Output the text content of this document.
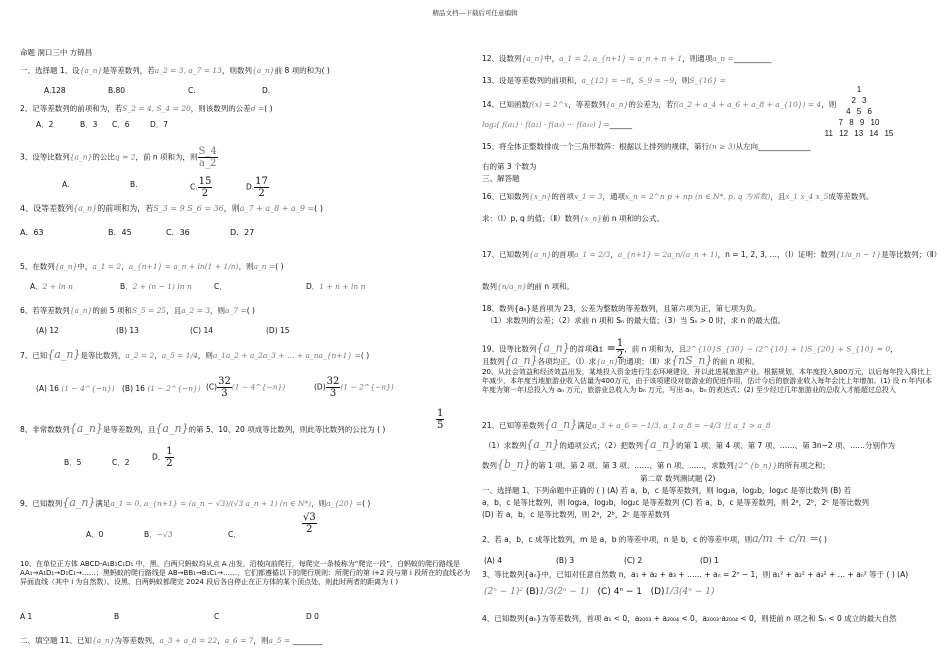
精品文档---下载后可任意编辑
命题 洞口三中 方锦昌
一、选择题 1、设{a_n}是等差数列，若a_2 = 3, a_7 = 13，则数列{a_n}前 8 项的和为( )
A.128	B.80	C.	D.
2、记等差数列的前项和为，若S_2 = 4, S_4 = 20，则该数列的公差d =( )
A．2	B．3 C．6	D．7
3、设等比数列{a_n}的公比q = 2，前 n 项和为，则 $\frac{S\_4}{a\_2}$
A.	B.	C. $\frac{15}{2}$	D. $\frac{17}{2}$
4、设等差数列{a_n}的前项和为，若S_3 = 9 S_6 = 36，则a_7 + a_8 + a_9 =( )
A．63	B．45	C．36	D．27
5、在数列{a_n}中，a_1 = 2，a_{n+1} = a_n + ln(1 + 1/n)，则a_n =( )
A．2 + ln n	B．2 + (n − 1) ln n	C．	D．1 + n + ln n
6、若等差数列{a_n}的前 5 项和S_5 = 25，且a_2 = 3，则a_7 =( )
(A) 12	(B) 13	(C) 14	(D) 15
7、已知{a_n}是等比数列，a_2 = 2，a_5 = 1/4，则a_1a_2 + a_2a_3 + … + a_na_{n+1} =( )
(A) 16 (1 − 4^{−n}) (B) 16 (1 − 2^{−n}) $(C) \frac{32}{3} (1$ − 4^{−n})	$(D) \frac{32}{3} (1$ − 2^{−n})
8、非常数数列{a_n}是等差数列，且{a_n}的第 5、10、20 项成等比数列，则此等比数列的公比为 ( )	$\frac{1}{5}$
B．5	C．2
D． $\frac{1}{2}$
9、已知数列{a_n}满足a_1 = 0, a_{n+1} = (a_n − √3)/(√3 a_n + 1) (n ∈ N*)，则a_{20} =( )
A．0	B．−√3	C．	$\frac{√3}{2}$
10、在单位正方体 ABCD-A₁B₁C₁D₁ 中，黑、白两只蚂蚁均从点 A 出发，沿棱向前爬行，每爬完一条棱称为“爬完一段”，白蚂蚁的爬行路线是 AA₁→A₁D₁→D₁C₁→……；黑蚂蚁的爬行路线是 AB→BB₁→B₁C₁→……，它们都遵循以下的爬行规则：所爬行的第 i+2 段与第 i 段所在的直线必为异面直线（其中 i 为自然数）。设黑、白两蚂蚁都爬完 2024 段后各自停止在正方体的某个顶点处，则此时两者的距离为 ( )
A 1	B	C	D 0
二、填空题 11、已知{a_n}为等差数列，a_3 + a_8 = 22，a_6 = 7，则a_5 = ________
12、设数列{a_n}中，a_1 = 2, a_{n+1} = a_n + n + 1，则通项a_n =__________
13、设是等差数列的前项和，a_{12} = −8，S_9 = −9，则S_{16} =
14、已知函数f(x) = 2^x，等差数列{a_n}的公差为，若f(a_2 + a_4 + a_6 + a_8 + a_{10}) = 4，则
log₂[ f(a₁) · f(a₂) · f(a₃) ··· f(a₁₀) ] =______
1
2 3
4 5 6
7 8 9 10
11 12 13 14 15
15、将全体正整数排成一个三角形数阵：根据以上排列的规律，第行(n ≥ 3)从左向______________
右的第 3 个数为
三、解答题
16、已知数列{x_n}的首项x_1 = 3，通项x_n = 2^n p + np (n ∈ N*, p, q 为常数)，且x_1 x_4 x_5成等差数列。
求：（Ⅰ）p, q 的值；（Ⅱ）数列{x_n}前 n 项和的公式。
17、已知数列{a_n}的首项a_1 = 2/3，a_{n+1} = 2a_n/(a_n + 1)，n = 1, 2, 3, …，（Ⅰ）证明：数列{1/a_n − 1}是等比数列；（Ⅱ）
数列{n/a_n}的前 n 项和。
18、数列{aₙ}是首项为 23，公差为整数的等差数列，且第六项为正，第七项为负。
（1）求数列的公差；（2）求前 n 项和 Sₙ 的最大值；（3）当 Sₙ > 0 时，求 n 的最大值。
19、设等比数列{a_n}的首项$a_1 = \frac{1}{2}$ ，前 n 项和为，且2^{10}S_{30} − (2^{10} + 1)S_{20} + S_{10} = 0，
且数列{a_n}各项均正。（Ⅰ）求{a_n}的通项；（Ⅱ）求{nS_n}的前 n 项和。
20、从社会效益和经济效益出发，某地投入资金进行生态环境建设，并以此进展旅游产业。根据规划，本年度投入800万元，以后每年投入将比上年减少，本年度当地旅游业收入估量为400万元，由于该项建设对旅游业的促进作用，估计今后的旅游业收入每年会比上年增加。(1) 设 n 年内(本年度为第一年)总投入为 aₙ 万元，旅游业总收入为 bₙ 万元，写出 aₙ，bₙ 的表达式；(2) 至少经过几年旅游业的总收入才能超过总投入
21、已知等差数列{a_n}满足a_3 + a_6 = −1/3, a_1 a_8 = −4/3 且 a_1 > a_8
（1）求数列{a_n}的通项公式；（2）把数列{a_n}的第 1 项、第 4 项、第 7 项、……、第 3n−2 项、……分别作为
数列{b_n}的第 1 项、第 2 项、第 3 项、……、第 n 项、……，求数列{2^{b_n}}的所有项之和；
第二章 数列测试题 (2)
一、选择题 1、下列命题中正确的 ( ) (A) 若 a，b，c 是等差数列，则 log₂a，log₂b，log₂c 是等比数列 (B) 若
a，b，c 是等比数列，则 log₂a，log₂b，log₂c 是等差数列 (C) 若 a，b，c 是等差数列，则 2ᵃ，2ᵇ，2ᶜ 是等比数列
(D) 若 a，b，c 是等比数列，则 2ᵃ，2ᵇ，2ᶜ 是等差数列
2、若 a，b，c 成等比数列，m 是 a，b 的等差中项，n 是 b，c 的等差中项，则a/m + c/n =( )
(A) 4	(B) 3	(C) 2	(D) 1
3、等比数列{aₙ}中，已知对任意自然数 n，a₁ + a₂ + a₃ + …… + aₙ = 2ⁿ − 1，则 a₁² + a₂² + a₃² + … + aₙ² 等于 ( ) (A)
(2ⁿ − 1)² (B)1/3(2ⁿ − 1) (C) 4ⁿ − 1 (D)1/3(4ⁿ − 1)
4、已知数列{aₙ}为等差数列，首项 a₁ < 0，a₂₀₀₃ + a₂₀₀₄ < 0，a₂₀₀₃·a₂₀₀₄ < 0，则使前 n 项之和 Sₙ < 0 成立的最大自然
